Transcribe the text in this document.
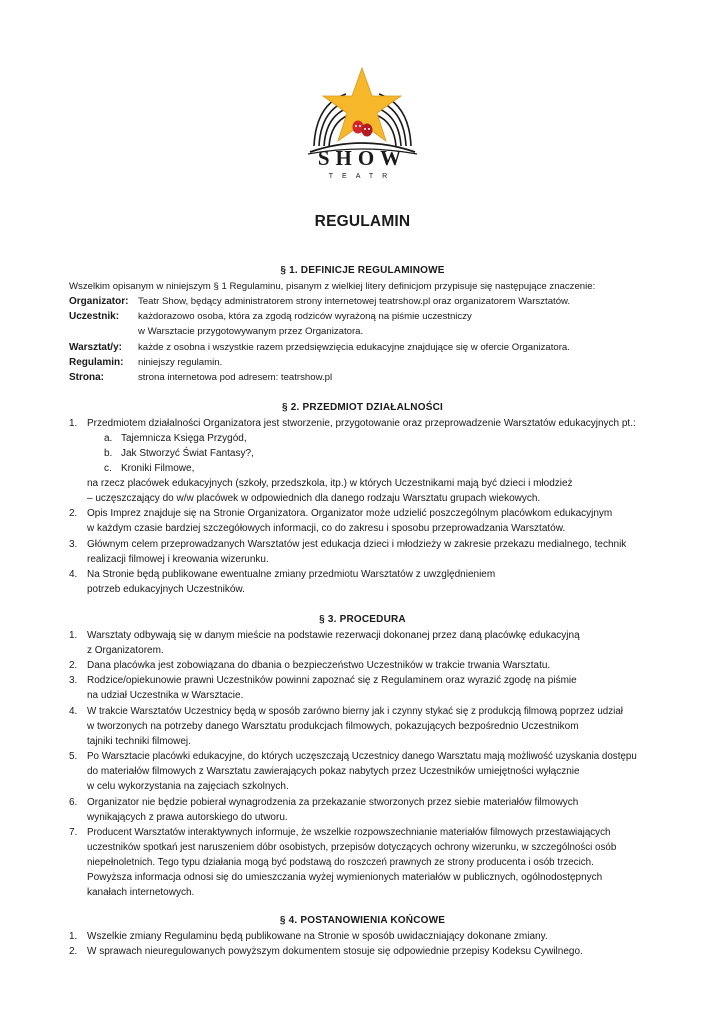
SHOW
TEATR
REGULAMIN
§ 1. DEFINICJE REGULAMINOWE
Wszelkim opisanym w niniejszym § 1 Regulaminu, pisanym z wielkiej litery definicjom przypisuje się następujące znaczenie:
Organizator: Teatr Show, będący administratorem strony internetowej teatrshow.pl oraz organizatorem Warsztatów.
Uczestnik: każdorazowo osoba, która za zgodą rodziców wyrażoną na piśmie uczestniczy
w Warsztacie przygotowywanym przez Organizatora.
Warsztat/y: każde z osobna i wszystkie razem przedsięwzięcia edukacyjne znajdujące się w ofercie Organizatora.
Regulamin: niniejszy regulamin.
Strona:	strona internetowa pod adresem: teatrshow.pl
§ 2. PRZEDMIOT DZIAŁALNOŚCI
1. Przedmiotem działalności Organizatora jest stworzenie, przygotowanie oraz przeprowadzenie Warsztatów edukacyjnych pt.:
a. Tajemnicza Księga Przygód,
b. Jak Stworzyć Świat Fantasy?,
c. Kroniki Filmowe,
na rzecz placówek edukacyjnych (szkoły, przedszkola, itp.) w których Uczestnikami mają być dzieci i młodzież
– uczęszczający do w/w placówek w odpowiednich dla danego rodzaju Warsztatu grupach wiekowych.
2. Opis Imprez znajduje się na Stronie Organizatora. Organizator może udzielić poszczególnym placówkom edukacyjnym
w każdym czasie bardziej szczegółowych informacji, co do zakresu i sposobu przeprowadzania Warsztatów.
3. Głównym celem przeprowadzanych Warsztatów jest edukacja dzieci i młodzieży w zakresie przekazu medialnego, technik
realizacji filmowej i kreowania wizerunku.
4. Na Stronie będą publikowane ewentualne zmiany przedmiotu Warsztatów z uwzględnieniem
potrzeb edukacyjnych Uczestników.
§ 3. PROCEDURA
1. Warsztaty odbywają się w danym mieście na podstawie rezerwacji dokonanej przez daną placówkę edukacyjną
z Organizatorem.
2. Dana placówka jest zobowiązana do dbania o bezpieczeństwo Uczestników w trakcie trwania Warsztatu.
3. Rodzice/opiekunowie prawni Uczestników powinni zapoznać się z Regulaminem oraz wyrazić zgodę na piśmie
na udział Uczestnika w Warsztacie.
4. W trakcie Warsztatów Uczestnicy będą w sposób zarówno bierny jak i czynny stykać się z produkcją filmową poprzez udział
w tworzonych na potrzeby danego Warsztatu produkcjach filmowych, pokazujących bezpośrednio Uczestnikom
tajniki techniki filmowej.
5. Po Warsztacie placówki edukacyjne, do których uczęszczają Uczestnicy danego Warsztatu mają możliwość uzyskania dostępu
do materiałów filmowych z Warsztatu zawierających pokaz nabytych przez Uczestników umiejętności wyłącznie
w celu wykorzystania na zajęciach szkolnych.
6. Organizator nie będzie pobierał wynagrodzenia za przekazanie stworzonych przez siebie materiałów filmowych
wynikających z prawa autorskiego do utworu.
7. Producent Warsztatów interaktywnych informuje, że wszelkie rozpowszechnianie materiałów filmowych przestawiających
uczestników spotkań jest naruszeniem dóbr osobistych, przepisów dotyczących ochrony wizerunku, w szczególności osób
niepełnoletnich. Tego typu działania mogą być podstawą do roszczeń prawnych ze strony producenta i osób trzecich.
Powyższa informacja odnosi się do umieszczania wyżej wymienionych materiałów w publicznych, ogólnodostępnych
kanałach internetowych.
§ 4. POSTANOWIENIA KOŃCOWE
1. Wszelkie zmiany Regulaminu będą publikowane na Stronie w sposób uwidaczniający dokonane zmiany.
2. W sprawach nieuregulowanych powyższym dokumentem stosuje się odpowiednie przepisy Kodeksu Cywilnego.
